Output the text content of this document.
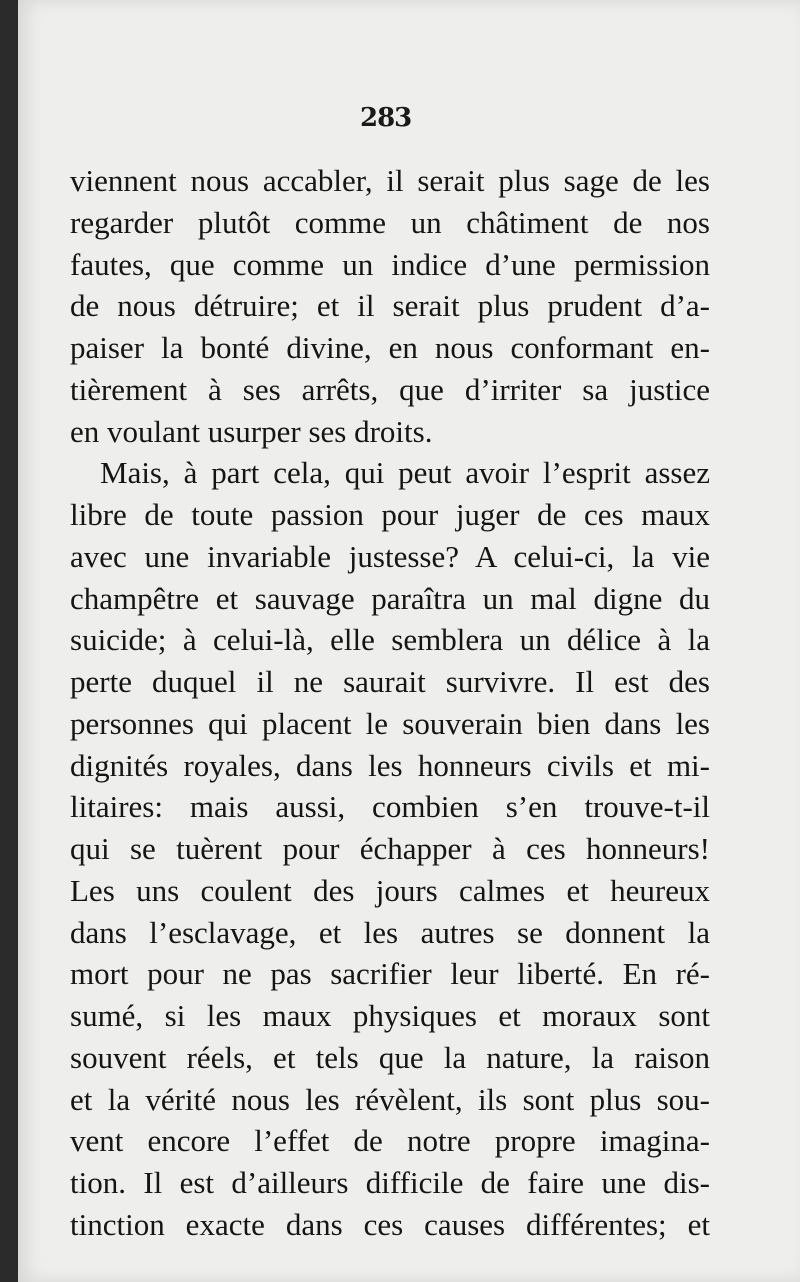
283
viennent nous accabler, il serait plus sage de les
regarder plutôt comme un châtiment de nos
fautes, que comme un indice d’une permission
de nous détruire; et il serait plus prudent d’a-
paiser la bonté divine, en nous conformant en-
tièrement à ses arrêts, que d’irriter sa justice
en voulant usurper ses droits.
Mais, à part cela, qui peut avoir l’esprit assez
libre de toute passion pour juger de ces maux
avec une invariable justesse? A celui-ci, la vie
champêtre et sauvage paraîtra un mal digne du
suicide; à celui-là, elle semblera un délice à la
perte duquel il ne saurait survivre. Il est des
personnes qui placent le souverain bien dans les
dignités royales, dans les honneurs civils et mi-
litaires: mais aussi, combien s’en trouve-t-il
qui se tuèrent pour échapper à ces honneurs!
Les uns coulent des jours calmes et heureux
dans l’esclavage, et les autres se donnent la
mort pour ne pas sacrifier leur liberté. En ré-
sumé, si les maux physiques et moraux sont
souvent réels, et tels que la nature, la raison
et la vérité nous les révèlent, ils sont plus sou-
vent encore l’effet de notre propre imagina-
tion. Il est d’ailleurs difficile de faire une dis-
tinction exacte dans ces causes différentes; et
